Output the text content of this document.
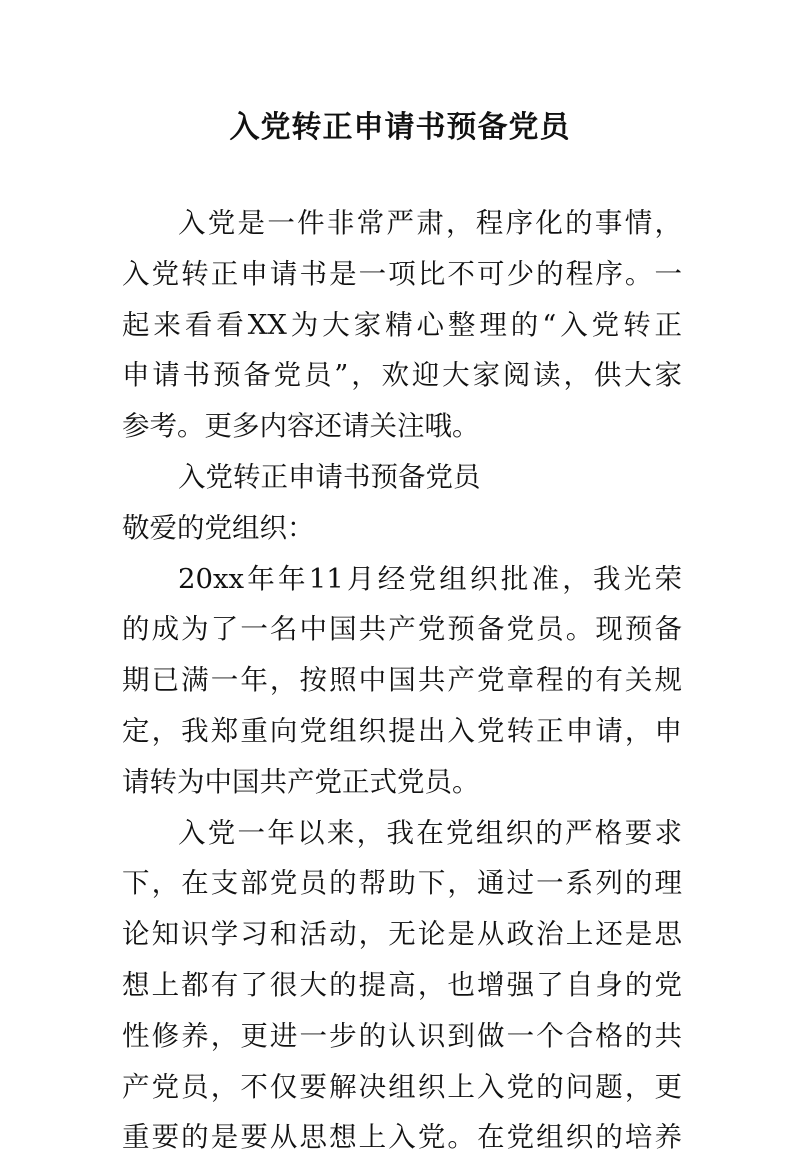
入党转正申请书预备党员
入党是一件非常严肃，程序化的事情，
入党转正申请书是一项比不可少的程序。一
起来看看XX为大家精心整理的“入党转正
申请书预备党员”，欢迎大家阅读，供大家
参考。更多内容还请关注哦。
入党转正申请书预备党员
敬爱的党组织：
20xx年年11月经党组织批准，我光荣
的成为了一名中国共产党预备党员。现预备
期已满一年，按照中国共产党章程的有关规
定，我郑重向党组织提出入党转正申请，申
请转为中国共产党正式党员。
入党一年以来，我在党组织的严格要求
下，在支部党员的帮助下，通过一系列的理
论知识学习和活动，无论是从政治上还是思
想上都有了很大的提高，也增强了自身的党
性修养，更进一步的认识到做一个合格的共
产党员，不仅要解决组织上入党的问题，更
重要的是要从思想上入党。在党组织的培养
